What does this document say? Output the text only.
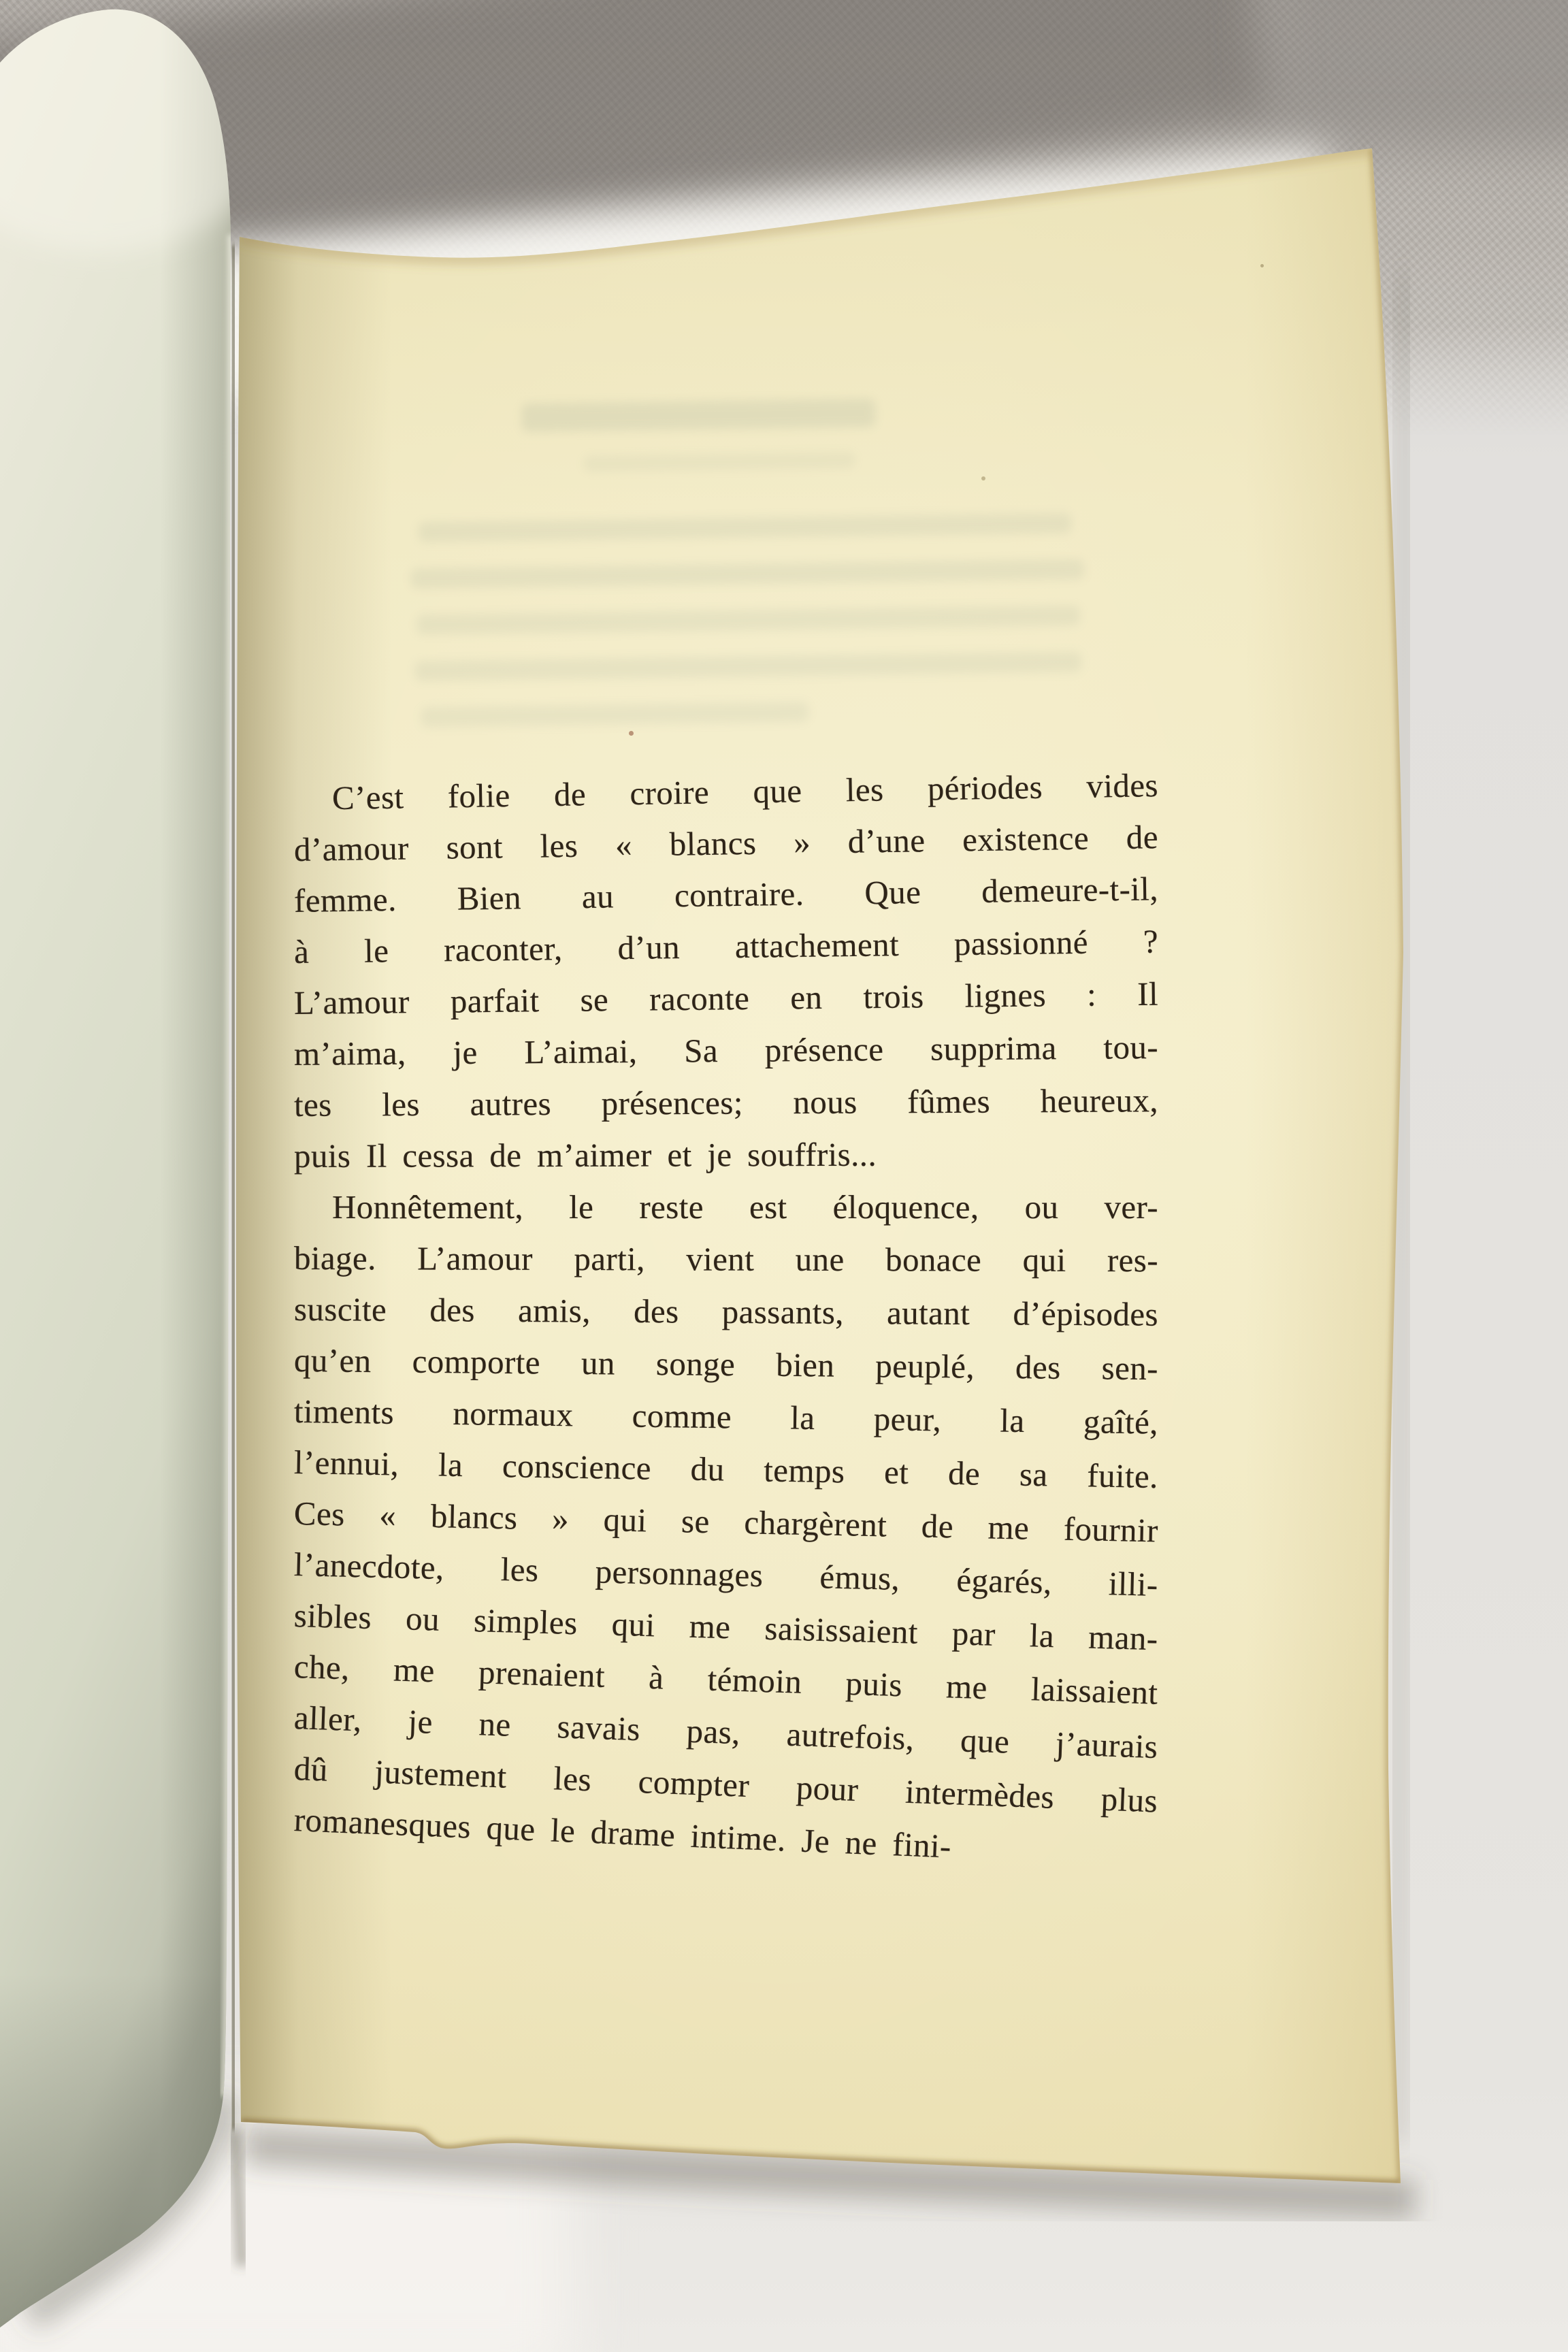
C’est folie de croire que les périodes vides
d’amour sont les « blancs » d’une existence de
femme. Bien au contraire. Que demeure-t-il,
à le raconter, d’un attachement passionné ?
L’amour parfait se raconte en trois lignes : Il
m’aima, je L’aimai, Sa présence supprima tou-
tes les autres présences; nous fûmes heureux,
puis Il cessa de m’aimer et je souffris...
Honnêtement, le reste est éloquence, ou ver-
biage. L’amour parti, vient une bonace qui res-
suscite des amis, des passants, autant d’épisodes
qu’en comporte un songe bien peuplé, des sen-
timents normaux comme la peur, la gaîté,
l’ennui, la conscience du temps et de sa fuite.
Ces « blancs » qui se chargèrent de me fournir
l’anecdote, les personnages émus, égarés, illi-
sibles ou simples qui me saisissaient par la man-
che, me prenaient à témoin puis me laissaient
aller, je ne savais pas, autrefois, que j’aurais
dû justement les compter pour intermèdes plus
romanesques que le drame intime. Je ne fini-
